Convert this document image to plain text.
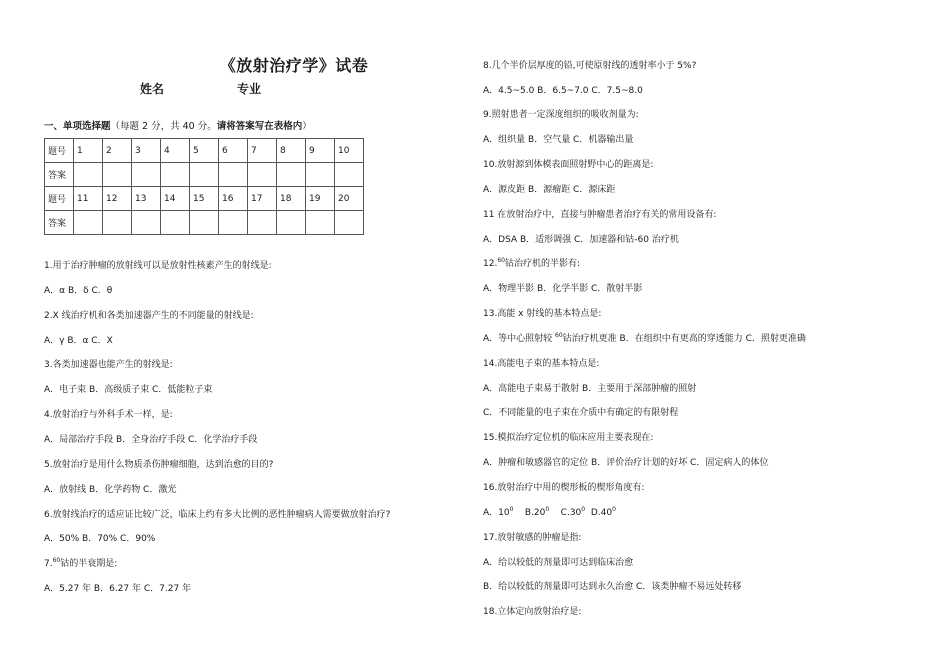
《放射治疗学》试卷
姓名	专业
一、单项选择题（每题 2 分，共 40 分。请将答案写在表格内）
题号	1	2	3	4	5	6	7	8	9	10
答案										
题号	11	12	13	14	15	16	17	18	19	20
答案										
1.用于治疗肿瘤的放射线可以是放射性核素产生的射线是:
A．α B．δ C．θ
2.X 线治疗机和各类加速器产生的不同能量的射线是:
A．γ B．α C．X
3.各类加速器也能产生的射线是:
A．电子束 B．高级质子束 C．低能粒子束
4.放射治疗与外科手术一样，是:
A．局部治疗手段 B．全身治疗手段 C．化学治疗手段
5.放射治疗是用什么物质杀伤肿瘤细胞，达到治愈的目的?
A．放射线 B．化学药物 C．激光
6.放射线治疗的适应证比较广泛，临床上约有多大比例的恶性肿瘤病人需要做放射治疗?
A．50% B．70% C．90%
7.60钴的半衰期是:
A．5.27 年 B．6.27 年 C．7.27 年
8.几个半价层厚度的铅,可使原射线的透射率小于 5%?
A．4.5~5.0 B．6.5~7.0 C．7.5~8.0
9.照射患者一定深度组织的吸收剂量为:
A．组织量 B．空气量 C．机器输出量
10.放射源到体模表面照射野中心的距离是:
A．源皮距 B．源瘤距 C．源床距
11 在放射治疗中，直接与肿瘤患者治疗有关的常用设备有:
A．DSA B．适形调强 C．加速器和钴-60 治疗机
12.60钴治疗机的半影有:
A．物理半影 B．化学半影 C．散射半影
13.高能 x 射线的基本特点是:
A．等中心照射较 $^{60}$钴治疗机更准 B．在组织中有更高的穿透能力 C．照射更准确
14.高能电子束的基本特点是:
A．高能电子束易于散射 B．主要用于深部肿瘤的照射
C．不同能量的电子束在介质中有确定的有限射程
15.模拟治疗定位机的临床应用主要表现在:
A．肿瘤和敏感器官的定位 B．评价治疗计划的好坏 C．固定病人的体位
16.放射治疗中用的楔形板的楔形角度有:
A．$10^0$ $B.20^0$ $C.30^0$ $D.40^0$
17.放射敏感的肿瘤是指:
A．给以较低的剂量即可达到临床治愈
B．给以较低的剂量即可达到永久治愈 C．该类肿瘤不易远处转移
18.立体定向放射治疗是:
